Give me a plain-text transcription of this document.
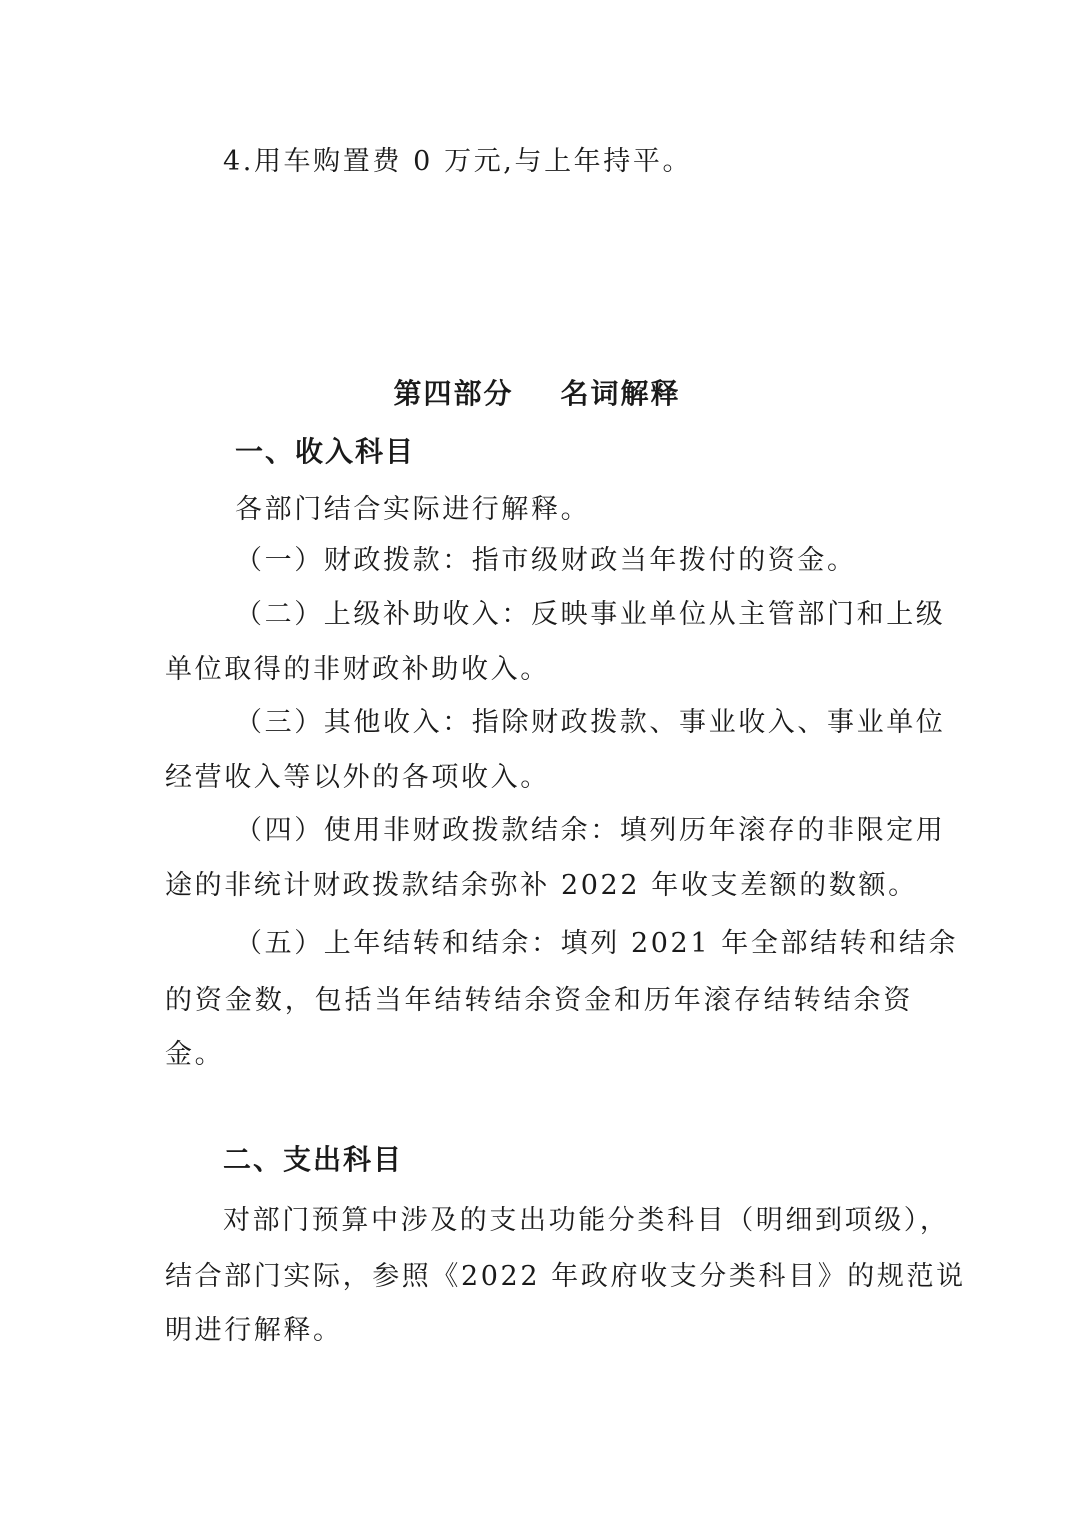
4.用车购置费 0 万元,与上年持平。
第四部分    名词解释
一、收入科目
各部门结合实际进行解释。
（一）财政拨款：指市级财政当年拨付的资金。
（二）上级补助收入：反映事业单位从主管部门和上级
单位取得的非财政补助收入。
（三）其他收入：指除财政拨款、事业收入、事业单位
经营收入等以外的各项收入。
（四）使用非财政拨款结余：填列历年滚存的非限定用
途的非统计财政拨款结余弥补 2022 年收支差额的数额。
（五）上年结转和结余：填列 2021 年全部结转和结余
的资金数，包括当年结转结余资金和历年滚存结转结余资
金。
二、支出科目
对部门预算中涉及的支出功能分类科目（明细到项级），
结合部门实际，参照《2022 年政府收支分类科目》的规范说
明进行解释。
